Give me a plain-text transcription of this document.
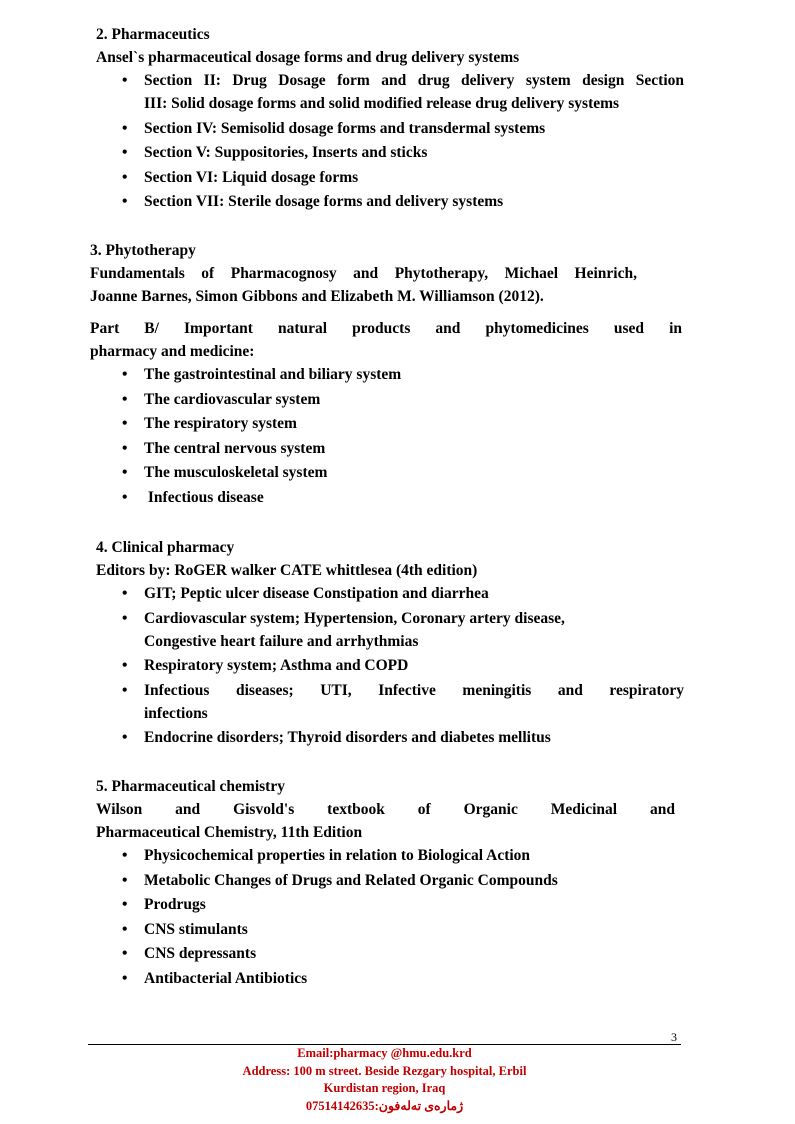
2. Pharmaceutics
Ansel`s pharmaceutical dosage forms and drug delivery systems
• Section II: Drug Dosage form and drug delivery system design Section
III: Solid dosage forms and solid modified release drug delivery systems
• Section IV: Semisolid dosage forms and transdermal systems
• Section V: Suppositories, Inserts and sticks
• Section VI: Liquid dosage forms
• Section VII: Sterile dosage forms and delivery systems
3. Phytotherapy
Fundamentals of Pharmacognosy and Phytotherapy, Michael Heinrich,
Joanne Barnes, Simon Gibbons and Elizabeth M. Williamson (2012).
Part B/ Important natural products and phytomedicines used in
pharmacy and medicine:
• The gastrointestinal and biliary system
• The cardiovascular system
• The respiratory system
• The central nervous system
• The musculoskeletal system
• Infectious disease
4. Clinical pharmacy
Editors by: RoGER walker CATE whittlesea (4th edition)
• GIT; Peptic ulcer disease Constipation and diarrhea
• Cardiovascular system; Hypertension, Coronary artery disease,
Congestive heart failure and arrhythmias
• Respiratory system; Asthma and COPD
• Infectious diseases; UTI, Infective meningitis and respiratory
infections
• Endocrine disorders; Thyroid disorders and diabetes mellitus
5. Pharmaceutical chemistry
Wilson and Gisvold's textbook of Organic Medicinal and
Pharmaceutical Chemistry, 11th Edition
• Physicochemical properties in relation to Biological Action
• Metabolic Changes of Drugs and Related Organic Compounds
• Prodrugs
• CNS stimulants
• CNS depressants
• Antibacterial Antibiotics
3
Email:pharmacy @hmu.edu.krd
Address: 100 m street. Beside Rezgary hospital, Erbil
Kurdistan region, Iraq
07514142635:ژمارەی تەلەفون
